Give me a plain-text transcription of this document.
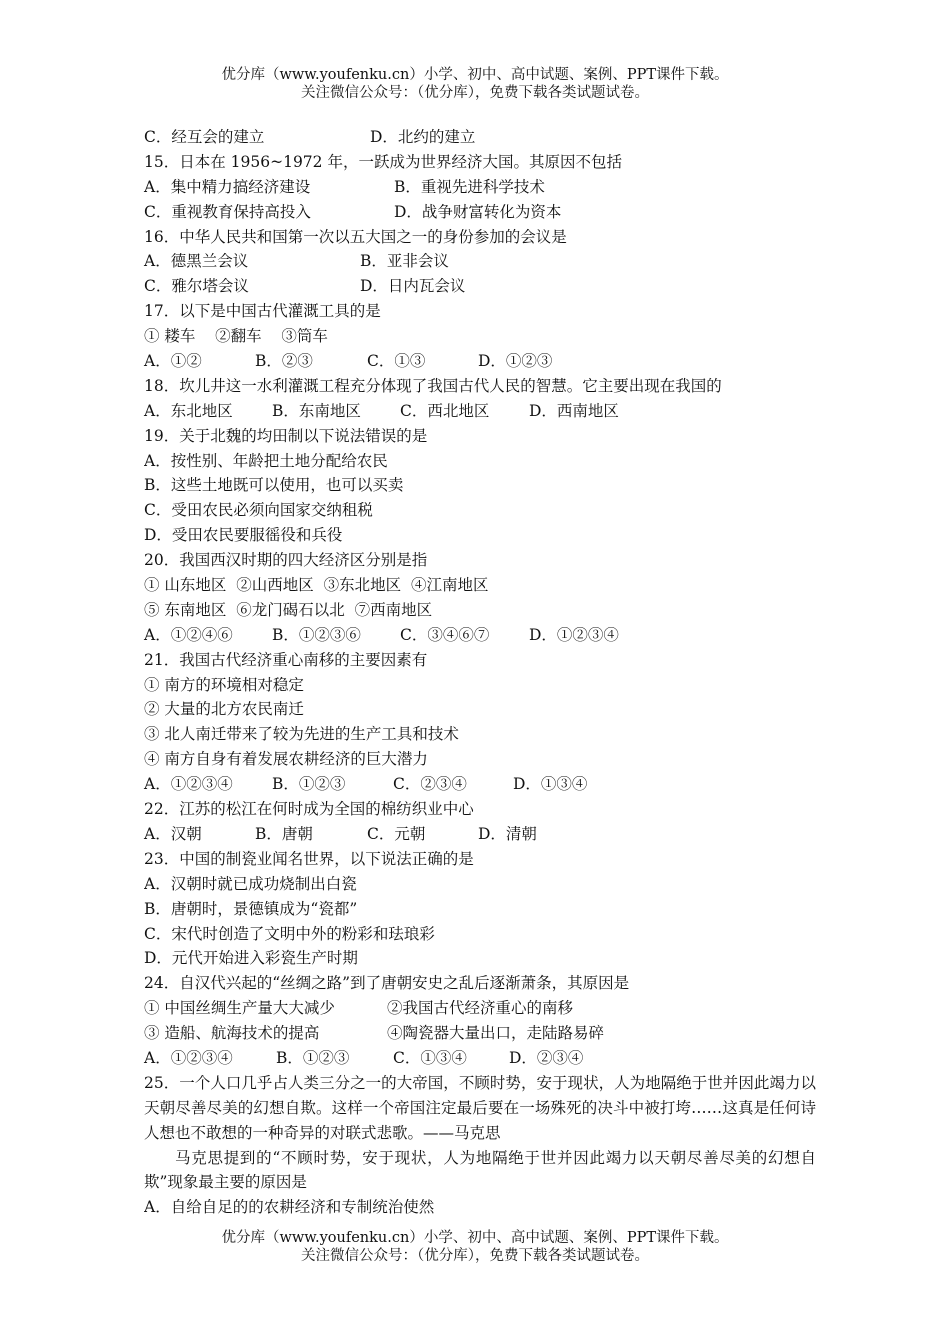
优分库（www.youfenku.cn）小学、初中、高中试题、案例、PPT课件下载。
关注微信公众号：（优分库），免费下载各类试题试卷。
C．经互会的建立	D．北约的建立
15．日本在 1956~1972 年，一跃成为世界经济大国。其原因不包括
A．集中精力搞经济建设	B．重视先进科学技术
C．重视教育保持高投入	D．战争财富转化为资本
16．中华人民共和国第一次以五大国之一的身份参加的会议是
A．德黑兰会议	B．亚非会议
C．雅尔塔会议	D．日内瓦会议
17．以下是中国古代灌溉工具的是
① 耧车    ②翻车    ③筒车
A．①②	B．②③	C．①③	D．①②③
18．坎儿井这一水利灌溉工程充分体现了我国古代人民的智慧。它主要出现在我国的
A．东北地区	B．东南地区	C．西北地区	D．西南地区
19．关于北魏的均田制以下说法错误的是
A．按性别、年龄把土地分配给农民
B．这些土地既可以使用，也可以买卖
C．受田农民必须向国家交纳租税
D．受田农民要服徭役和兵役
20．我国西汉时期的四大经济区分别是指
① 山东地区  ②山西地区  ③东北地区  ④江南地区
⑤ 东南地区  ⑥龙门碣石以北  ⑦西南地区
A．①②④⑥	B．①②③⑥	C．③④⑥⑦	D．①②③④
21．我国古代经济重心南移的主要因素有
① 南方的环境相对稳定
② 大量的北方农民南迁
③ 北人南迁带来了较为先进的生产工具和技术
④ 南方自身有着发展农耕经济的巨大潜力
A．①②③④	B．①②③	C．②③④	D．①③④
22．江苏的松江在何时成为全国的棉纺织业中心
A．汉朝	B．唐朝	C．元朝	D．清朝
23．中国的制瓷业闻名世界，以下说法正确的是
A．汉朝时就已成功烧制出白瓷
B．唐朝时，景德镇成为“瓷都”
C．宋代时创造了文明中外的粉彩和珐琅彩
D．元代开始进入彩瓷生产时期
24．自汉代兴起的“丝绸之路”到了唐朝安史之乱后逐渐萧条，其原因是
① 中国丝绸生产量大大减少	②我国古代经济重心的南移
③ 造船、航海技术的提高	④陶瓷器大量出口，走陆路易碎
A．①②③④	B．①②③	C．①③④	D．②③④
25．一个人口几乎占人类三分之一的大帝国，不顾时势，安于现状，人为地隔绝于世并因此竭力以天朝尽善尽美的幻想自欺。这样一个帝国注定最后要在一场殊死的决斗中被打垮……这真是任何诗人想也不敢想的一种奇异的对联式悲歌。——马克思
马克思提到的“不顾时势，安于现状，人为地隔绝于世并因此竭力以天朝尽善尽美的幻想自欺”现象最主要的原因是
A．自给自足的的农耕经济和专制统治使然
优分库（www.youfenku.cn）小学、初中、高中试题、案例、PPT课件下载。
关注微信公众号：（优分库），免费下载各类试题试卷。
